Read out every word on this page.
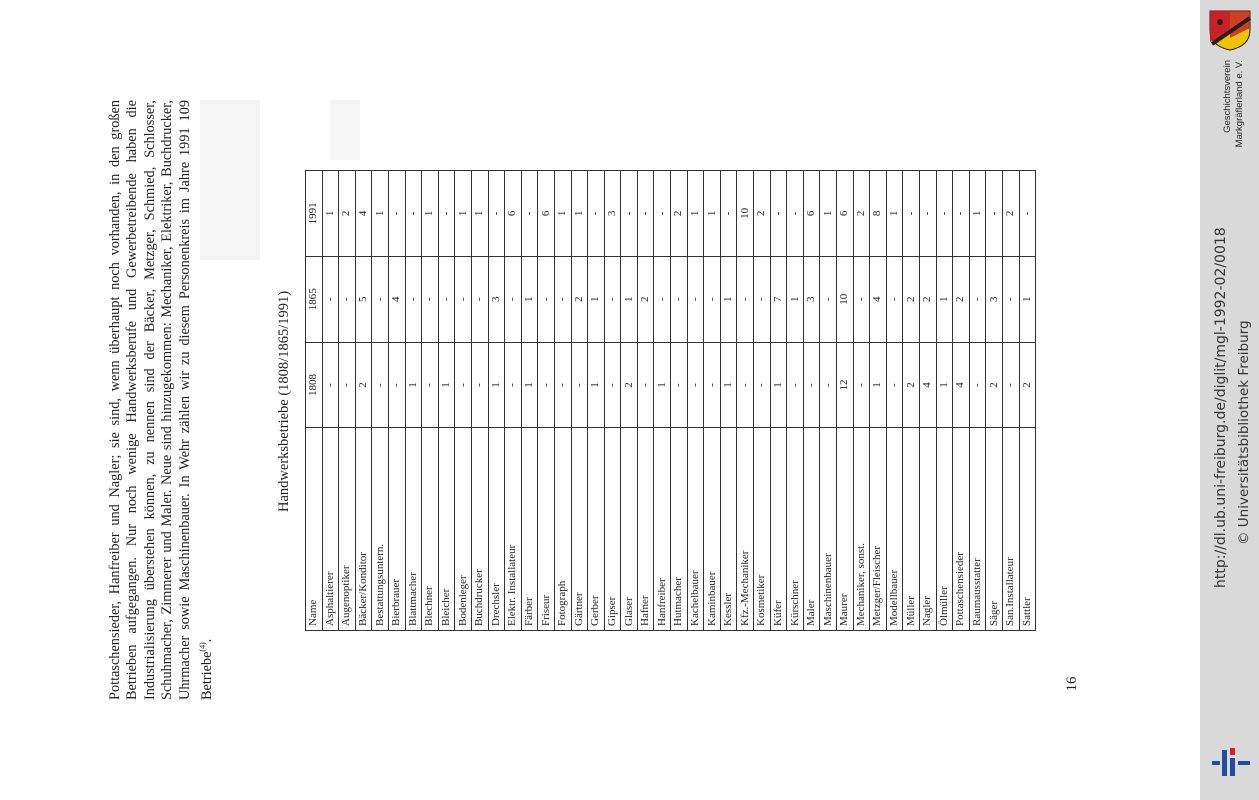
Pottaschensieder, Hanfreiber und Nagler; sie sind, wenn überhaupt noch vorhanden, in den großen Betrieben aufgegangen. Nur noch wenige Handwerksberufe und Gewerbetreibende haben die Industrialisierung überstehen können, zu nennen sind der Bäcker, Metzger, Schmied, Schlosser, Schuhmacher, Zimmerer und Maler. Neue sind hinzugekommen: Mechaniker, Elektriker, Buchdrucker, Uhrmacher sowie Maschinenbauer. In Wehr zählen wir zu diesem Personenkreis im Jahre 1991 109 Betriebe$^{(4)}$.
Handwerksbetriebe (1808/1865/1991)
Name	1808	1865	1991
Asphaltierer	-	-	1
Augenoptiker	-	-	2
Bäcker/Konditor	2	5	4
Bestattungsuntern.	-	-	1
Bierbrauer	-	4	-
Blattmacher	1	-	-
Blechner	-	-	1
Bleicher	1	-	-
Bodenleger	-	-	1
Buchdrucker	-	-	1
Drechsler	1	3	-
Elektr. Installateur	-	-	6
Färber	1	1	-
Friseur	-	-	6
Fotograph	-	-	1
Gärtner	-	2	1
Gerber	1	1	-
Gipser	-	-	3
Glaser	2	1	-
Hafner	-	2	-
Hanfreiber	1	-	-
Hutmacher	-	-	2
Kachelbauer	-	-	1
Kaminbauer	-	-	1
Kessler	1	1	-
Kfz.-Mechaniker	-	-	10
Kosmetiker	-	-	2
Küfer	1	7	-
Kürschner	-	1	-
Maler	-	3	6
Maschinenbauer	-	-	1
Maurer	12	10	6
Mechaniker, sonst.	-	-	2
Metzger/Fleischer	1	4	8
Modellbauer	-	-	1
Müller	2	2	-
Nagler	4	2	-
Ölmüller	1	1	-
Pottaschensieder	4	2	-
Raumausstatter	-	-	1
Säger	2	3	-
San.Installateur	-	-	2
Sattler	2	1	-
16
Geschichtsverein Markgräflerland e. V.
http://dl.ub.uni-freiburg.de/diglit/mgl-1992-02/0018 © Universitätsbibliothek Freiburg
